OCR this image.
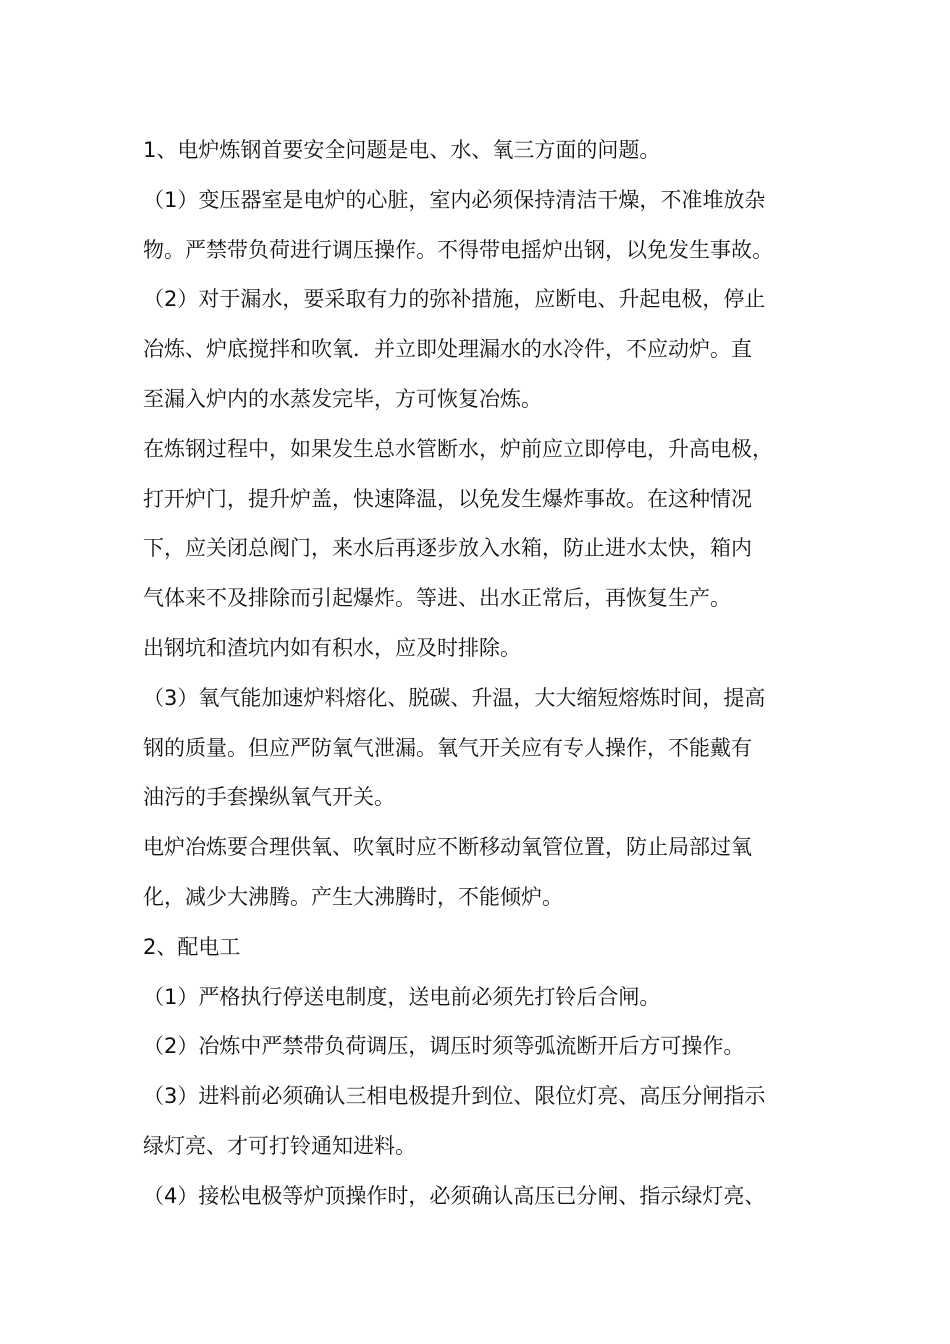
1、电炉炼钢首要安全问题是电、水、氧三方面的问题。
（1）变压器室是电炉的心脏，室内必须保持清洁干燥，不准堆放杂
物。严禁带负荷进行调压操作。不得带电摇炉出钢，以免发生事故。
（2）对于漏水，要采取有力的弥补措施，应断电、升起电极，停止
冶炼、炉底搅拌和吹氧．并立即处理漏水的水冷件，不应动炉。直
至漏入炉内的水蒸发完毕，方可恢复冶炼。
在炼钢过程中，如果发生总水管断水，炉前应立即停电，升高电极，
打开炉门，提升炉盖，快速降温，以免发生爆炸事故。在这种情况
下，应关闭总阀门，来水后再逐步放入水箱，防止进水太快，箱内
气体来不及排除而引起爆炸。等进、出水正常后，再恢复生产。
出钢坑和渣坑内如有积水，应及时排除。
（3）氧气能加速炉料熔化、脱碳、升温，大大缩短熔炼时间，提高
钢的质量。但应严防氧气泄漏。氧气开关应有专人操作，不能戴有
油污的手套操纵氧气开关。
电炉冶炼要合理供氧、吹氧时应不断移动氧管位置，防止局部过氧
化，减少大沸腾。产生大沸腾时，不能倾炉。
2、配电工
（1）严格执行停送电制度，送电前必须先打铃后合闸。
（2）冶炼中严禁带负荷调压，调压时须等弧流断开后方可操作。
（3）进料前必须确认三相电极提升到位、限位灯亮、高压分闸指示
绿灯亮、才可打铃通知进料。
（4）接松电极等炉顶操作时，必须确认高压已分闸、指示绿灯亮、
